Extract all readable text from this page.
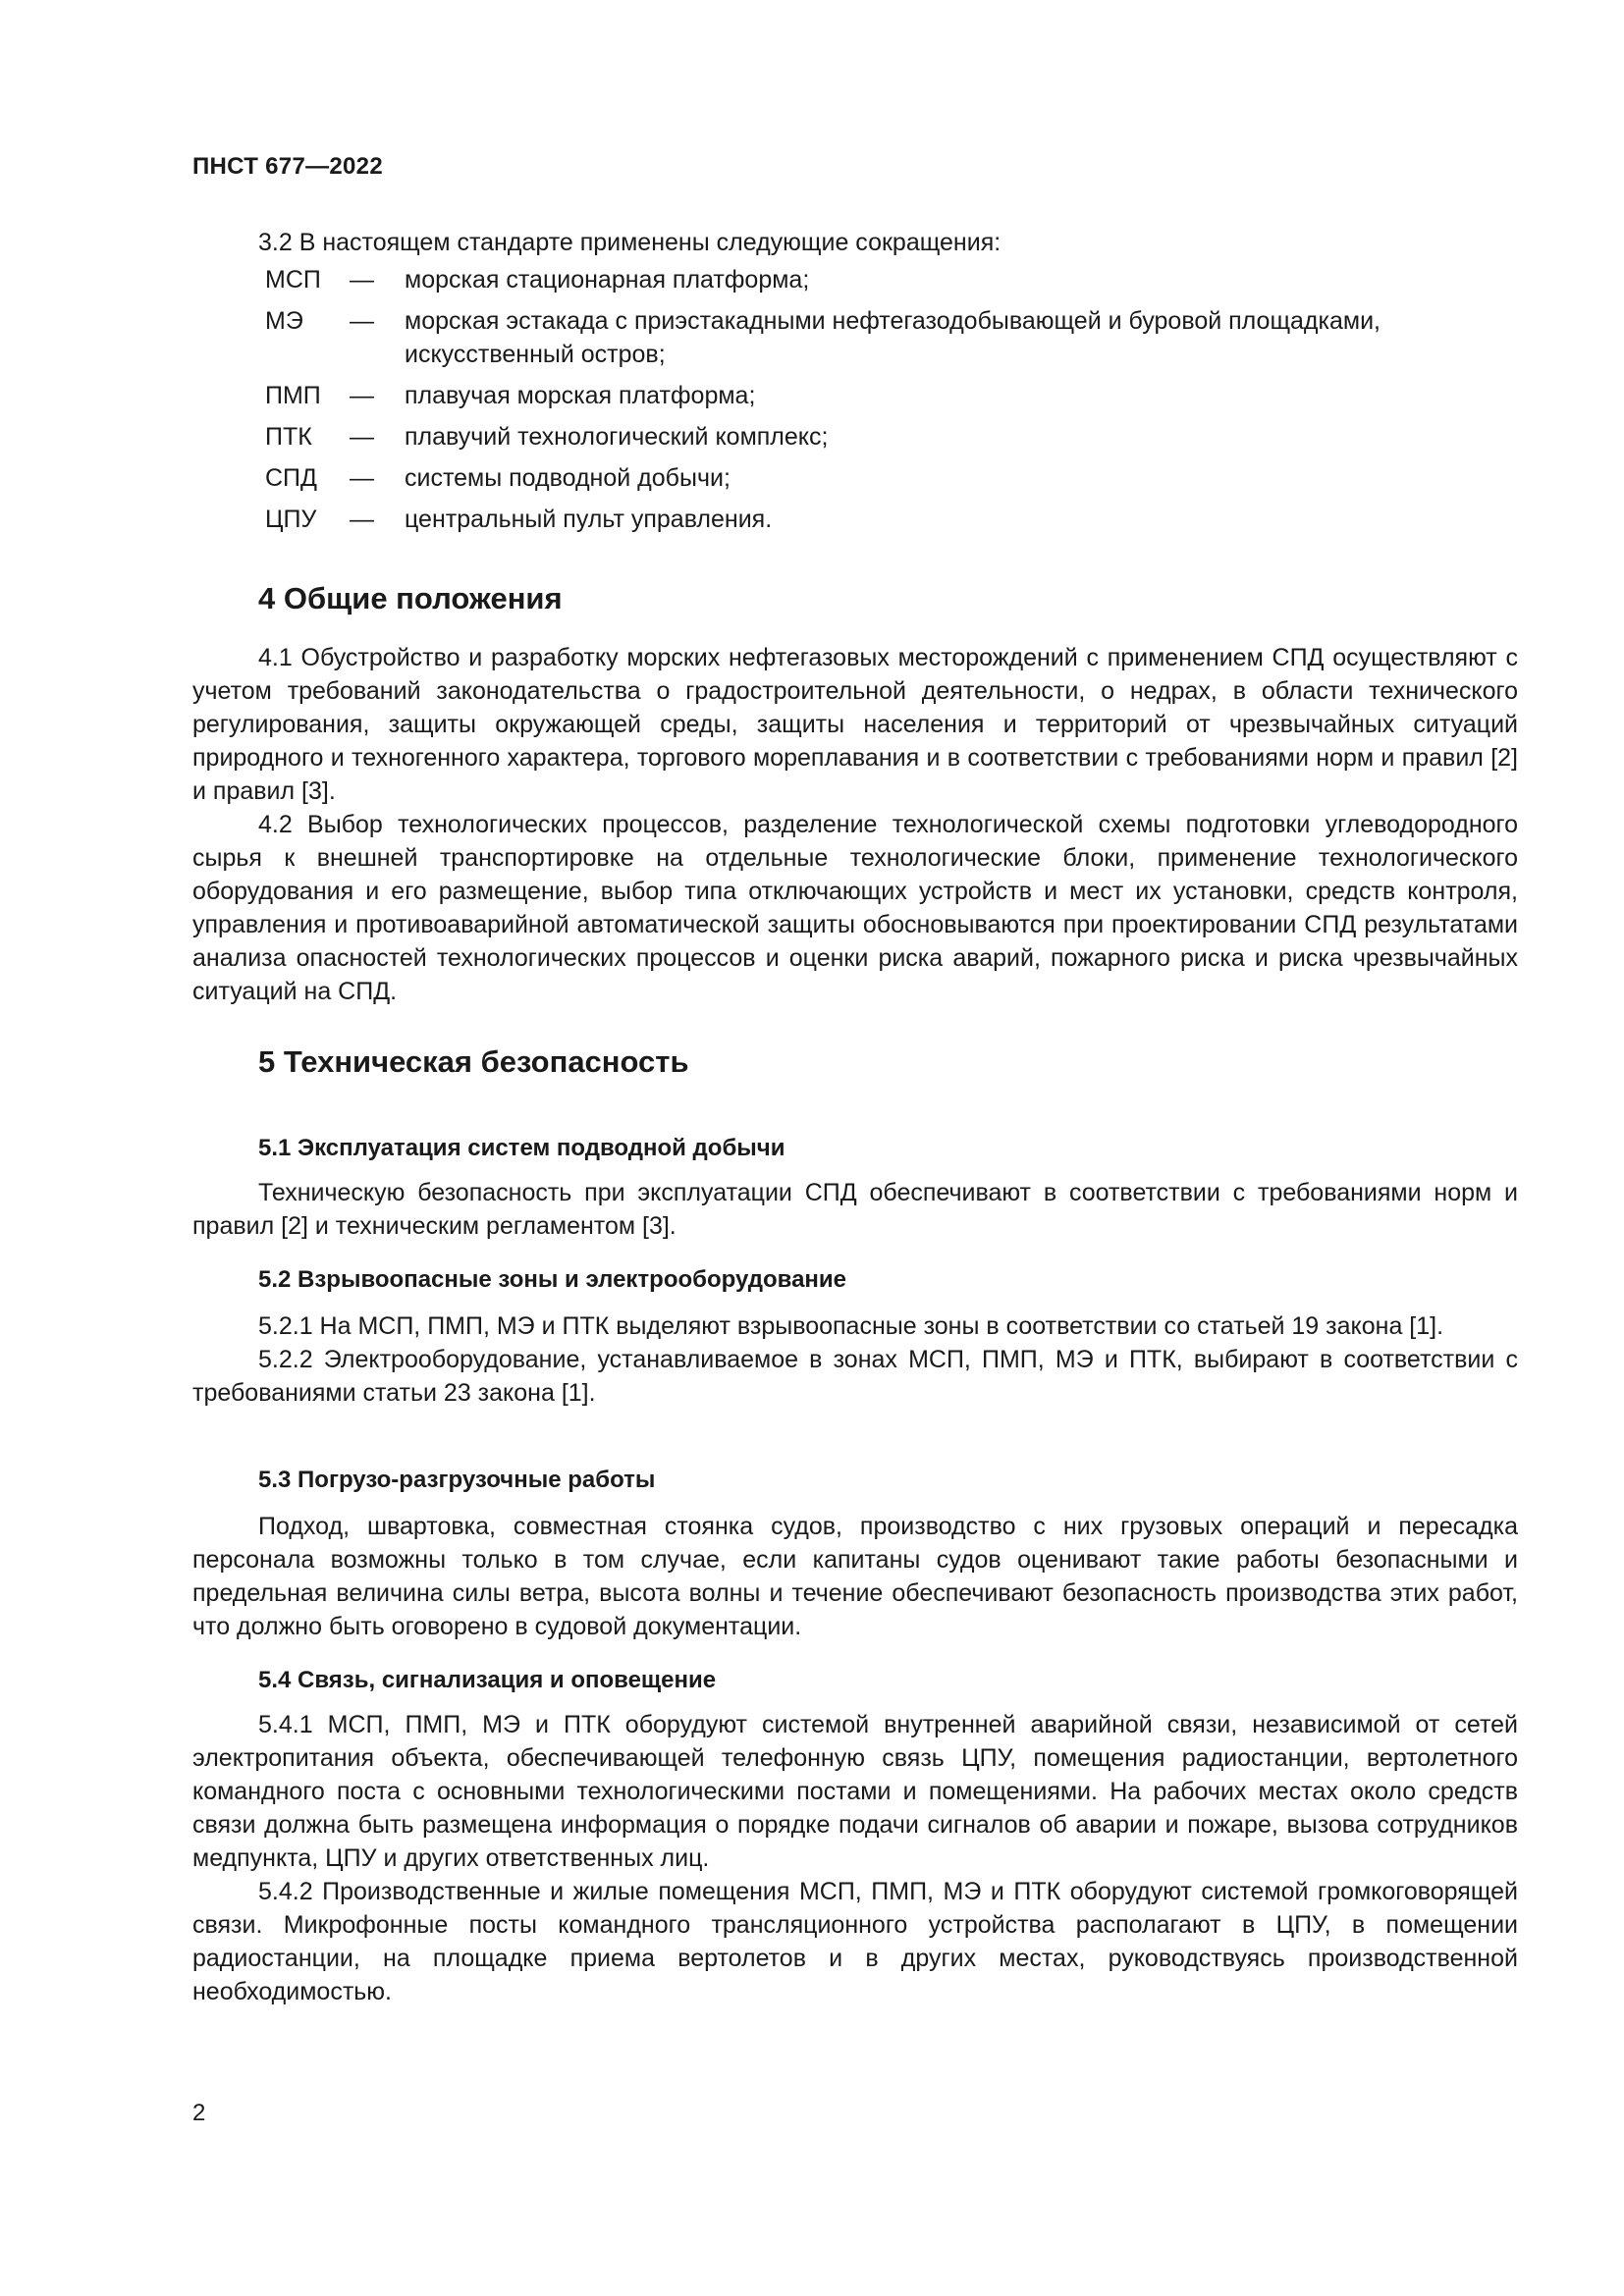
ПНСТ 677—2022
3.2 В настоящем стандарте применены следующие сокращения:
МСП	—	морская стационарная платформа;
МЭ	—	морская эстакада с приэстакадными нефтегазодобывающей и буровой площадками, искусственный остров;
ПМП	—	плавучая морская платформа;
ПТК	—	плавучий технологический комплекс;
СПД	—	системы подводной добычи;
ЦПУ	—	центральный пульт управления.
4 Общие положения

4.1 Обустройство и разработку морских нефтегазовых месторождений с применением СПД осуществляют с учетом требований законодательства о градостроительной деятельности, о недрах, в области технического регулирования, защиты окружающей среды, защиты населения и территорий от чрезвычайных ситуаций природного и техногенного характера, торгового мореплавания и в соответствии с требованиями норм и правил [2] и правил [3].

4.2 Выбор технологических процессов, разделение технологической схемы подготовки углеводородного сырья к внешней транспортировке на отдельные технологические блоки, применение технологического оборудования и его размещение, выбор типа отключающих устройств и мест их установки, средств контроля, управления и противоаварийной автоматической защиты обосновываются при проектировании СПД результатами анализа опасностей технологических процессов и оценки риска аварий, пожарного риска и риска чрезвычайных ситуаций на СПД.

5 Техническая безопасность
5.1 Эксплуатация систем подводной добычи

Техническую безопасность при эксплуатации СПД обеспечивают в соответствии с требованиями норм и правил [2] и техническим регламентом [3].

5.2 Взрывоопасные зоны и электрооборудование

5.2.1 На МСП, ПМП, МЭ и ПТК выделяют взрывоопасные зоны в соответствии со статьей 19 закона [1].

5.2.2 Электрооборудование, устанавливаемое в зонах МСП, ПМП, МЭ и ПТК, выбирают в соответствии с требованиями статьи 23 закона [1].

5.3 Погрузо-разгрузочные работы

Подход, швартовка, совместная стоянка судов, производство с них грузовых операций и пересадка персонала возможны только в том случае, если капитаны судов оценивают такие работы безопасными и предельная величина силы ветра, высота волны и течение обеспечивают безопасность производства этих работ, что должно быть оговорено в судовой документации.

5.4 Связь, сигнализация и оповещение

5.4.1 МСП, ПМП, МЭ и ПТК оборудуют системой внутренней аварийной связи, независимой от сетей электропитания объекта, обеспечивающей телефонную связь ЦПУ, помещения радиостанции, вертолетного командного поста с основными технологическими постами и помещениями. На рабочих местах около средств связи должна быть размещена информация о порядке подачи сигналов об аварии и пожаре, вызова сотрудников медпункта, ЦПУ и других ответственных лиц.

5.4.2 Производственные и жилые помещения МСП, ПМП, МЭ и ПТК оборудуют системой громкоговорящей связи. Микрофонные посты командного трансляционного устройства располагают в ЦПУ, в помещении радиостанции, на площадке приема вертолетов и в других местах, руководствуясь производственной необходимостью.

2
